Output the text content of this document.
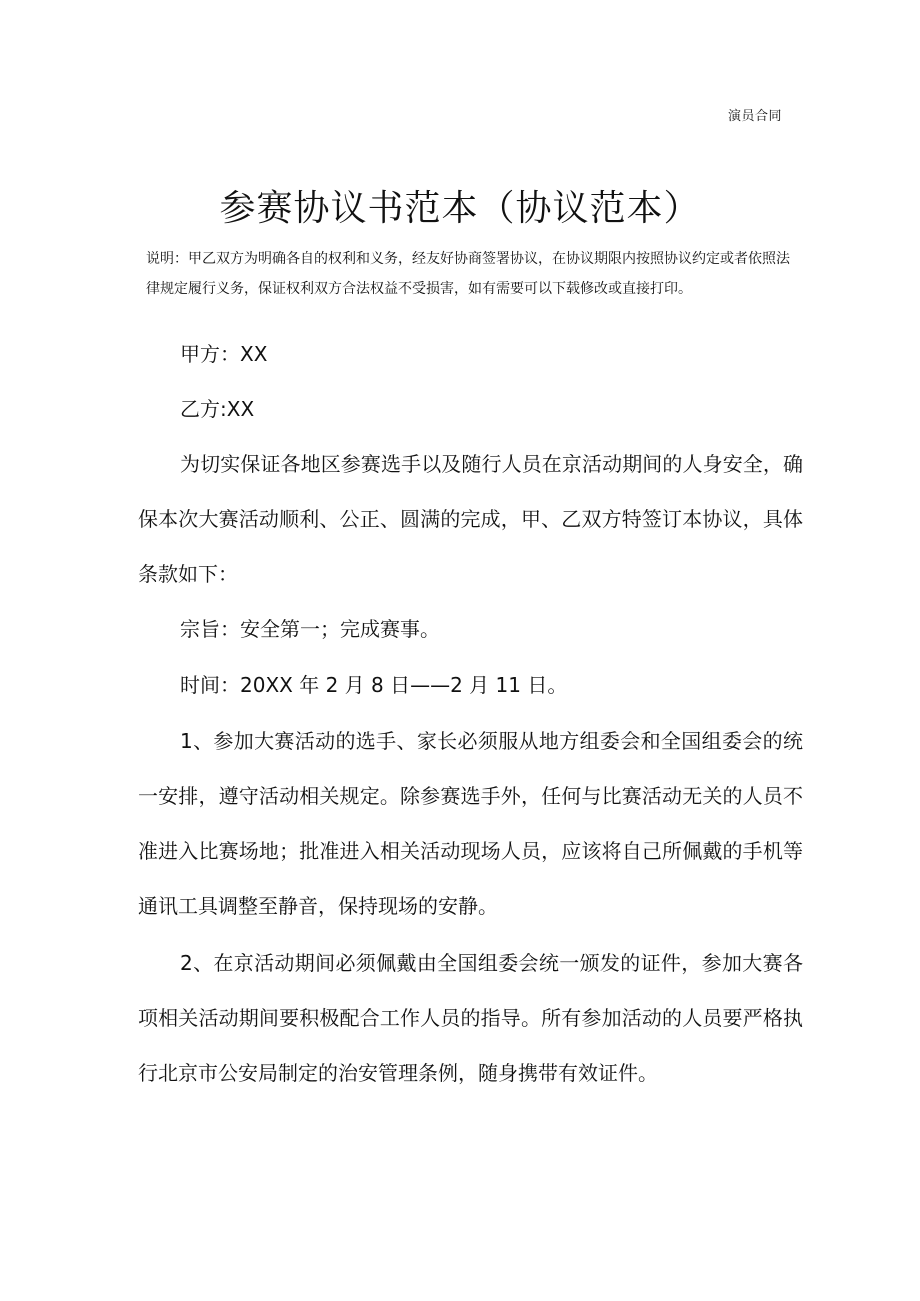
演员合同
参赛协议书范本（协议范本）

说明：甲乙双方为明确各自的权利和义务，经友好协商签署协议，在协议期限内按照协议约定或者依照法律规定履行义务，保证权利双方合法权益不受损害，如有需要可以下载修改或直接打印。

甲方：XX

乙方:XX

为切实保证各地区参赛选手以及随行人员在京活动期间的人身安全，确保本次大赛活动顺利、公正、圆满的完成，甲、乙双方特签订本协议，具体条款如下：

宗旨：安全第一；完成赛事。

时间：20XX 年 2 月 8 日——2 月 11 日。

1、参加大赛活动的选手、家长必须服从地方组委会和全国组委会的统一安排，遵守活动相关规定。除参赛选手外，任何与比赛活动无关的人员不准进入比赛场地；批准进入相关活动现场人员，应该将自己所佩戴的手机等通讯工具调整至静音，保持现场的安静。

2、在京活动期间必须佩戴由全国组委会统一颁发的证件，参加大赛各项相关活动期间要积极配合工作人员的指导。所有参加活动的人员要严格执行北京市公安局制定的治安管理条例，随身携带有效证件。
